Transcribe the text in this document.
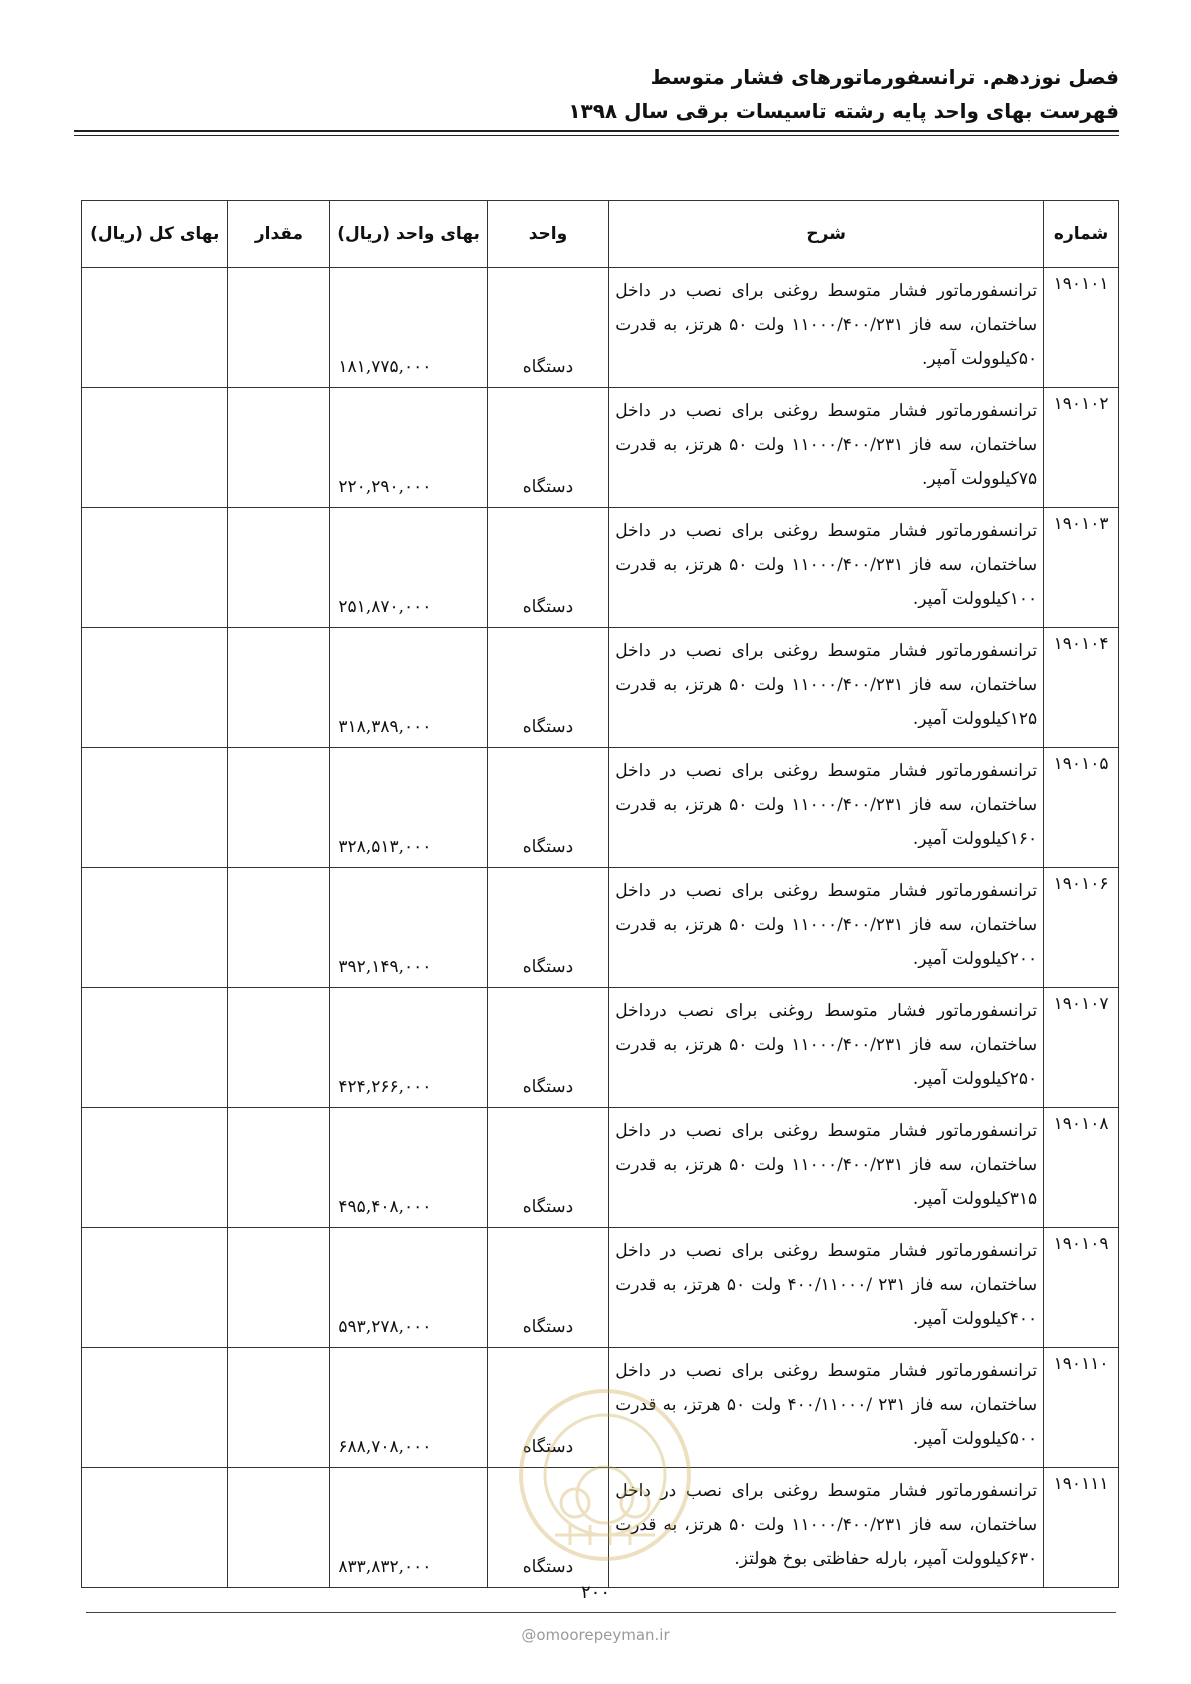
فصل نوزدهم. ترانسفورماتورهای فشار متوسط
فهرست بهای واحد پایه رشته تاسیسات برقی سال ۱۳۹۸
شماره	شرح	واحد	بهای واحد (ریال)	مقدار	بهای کل (ریال)
۱۹۰۱۰۱	ترانسفورماتور فشار متوسط روغنی برای نصب در داخل ساختمان، سه فاز ۱۱۰۰۰/۴۰۰/۲۳۱ ولت ۵۰ هرتز، به قدرت ۵۰کیلوولت آمپر.	دستگاه	۱۸۱,۷۷۵,۰۰۰		
۱۹۰۱۰۲	ترانسفورماتور فشار متوسط روغنی برای نصب در داخل ساختمان، سه فاز ۱۱۰۰۰/۴۰۰/۲۳۱ ولت ۵۰ هرتز، به قدرت ۷۵کیلوولت آمپر.	دستگاه	۲۲۰,۲۹۰,۰۰۰		
۱۹۰۱۰۳	ترانسفورماتور فشار متوسط روغنی برای نصب در داخل ساختمان، سه فاز ۱۱۰۰۰/۴۰۰/۲۳۱ ولت ۵۰ هرتز، به قدرت ۱۰۰کیلوولت آمپر.	دستگاه	۲۵۱,۸۷۰,۰۰۰		
۱۹۰۱۰۴	ترانسفورماتور فشار متوسط روغنی برای نصب در داخل ساختمان، سه فاز ۱۱۰۰۰/۴۰۰/۲۳۱ ولت ۵۰ هرتز، به قدرت ۱۲۵کیلوولت آمپر.	دستگاه	۳۱۸,۳۸۹,۰۰۰		
۱۹۰۱۰۵	ترانسفورماتور فشار متوسط روغنی برای نصب در داخل ساختمان، سه فاز ۱۱۰۰۰/۴۰۰/۲۳۱ ولت ۵۰ هرتز، به قدرت ۱۶۰کیلوولت آمپر.	دستگاه	۳۲۸,۵۱۳,۰۰۰		
۱۹۰۱۰۶	ترانسفورماتور فشار متوسط روغنی برای نصب در داخل ساختمان، سه فاز ۱۱۰۰۰/۴۰۰/۲۳۱ ولت ۵۰ هرتز، به قدرت ۲۰۰کیلوولت آمپر.	دستگاه	۳۹۲,۱۴۹,۰۰۰		
۱۹۰۱۰۷	ترانسفورماتور فشار متوسط روغنی برای نصب درداخل ساختمان، سه فاز ۱۱۰۰۰/۴۰۰/۲۳۱ ولت ۵۰ هرتز، به قدرت ۲۵۰کیلوولت آمپر.	دستگاه	۴۲۴,۲۶۶,۰۰۰		
۱۹۰۱۰۸	ترانسفورماتور فشار متوسط روغنی برای نصب در داخل ساختمان، سه فاز ۱۱۰۰۰/۴۰۰/۲۳۱ ولت ۵۰ هرتز، به قدرت ۳۱۵کیلوولت آمپر.	دستگاه	۴۹۵,۴۰۸,۰۰۰		
۱۹۰۱۰۹	ترانسفورماتور فشار متوسط روغنی برای نصب در داخل ساختمان، سه فاز ۲۳۱ /۴۰۰/۱۱۰۰۰ ولت ۵۰ هرتز، به قدرت ۴۰۰کیلوولت آمپر.	دستگاه	۵۹۳,۲۷۸,۰۰۰		
۱۹۰۱۱۰	ترانسفورماتور فشار متوسط روغنی برای نصب در داخل ساختمان، سه فاز ۲۳۱ /۴۰۰/۱۱۰۰۰ ولت ۵۰ هرتز، به قدرت ۵۰۰کیلوولت آمپر.	دستگاه	۶۸۸,۷۰۸,۰۰۰		
۱۹۰۱۱۱	ترانسفورماتور فشار متوسط روغنی برای نصب در داخل ساختمان، سه فاز ۱۱۰۰۰/۴۰۰/۲۳۱ ولت ۵۰ هرتز، به قدرت ۶۳۰کیلوولت آمپر، بارله حفاظتی بوخ هولتز.	دستگاه	۸۳۳,۸۳۲,۰۰۰		
۲۰۰
@omoorepeyman.ir
